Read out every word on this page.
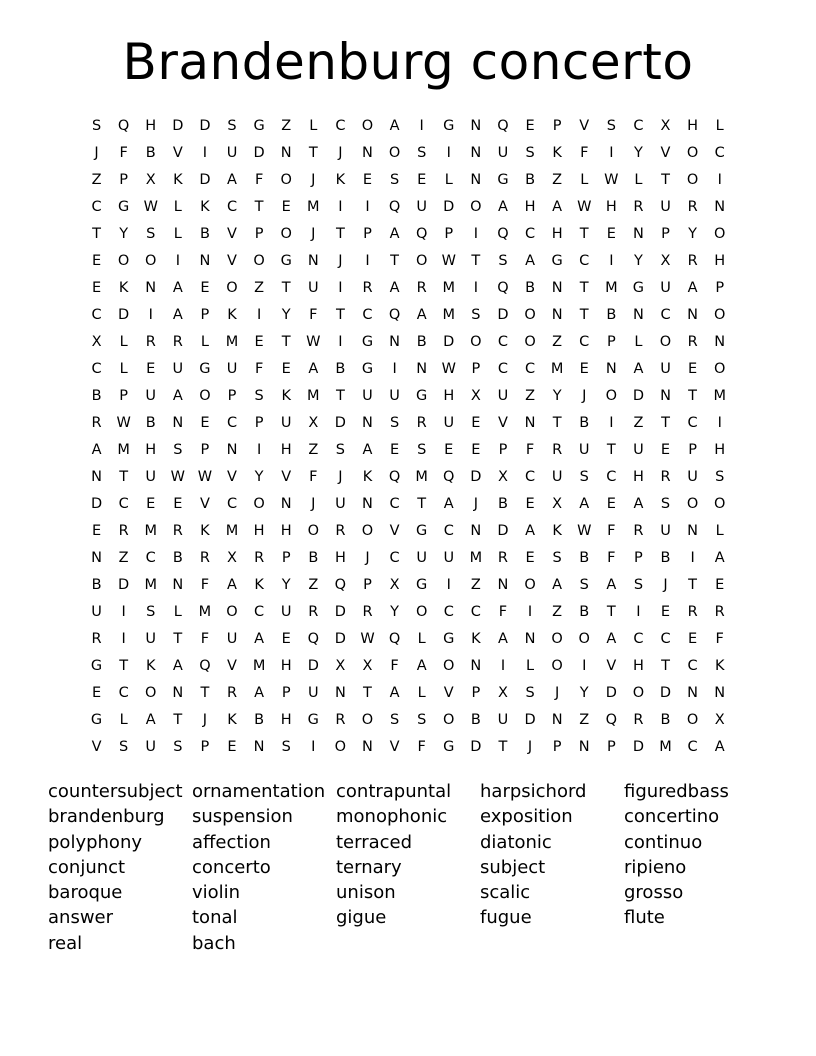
Brandenburg concerto
S	Q	H	D	D	S	G	Z	L	C	O	A	I	G	N	Q	E	P	V	S	C	X	H	L
J	F	B	V	I	U	D	N	T	J	N	O	S	I	N	U	S	K	F	I	Y	V	O	C
Z	P	X	K	D	A	F	O	J	K	E	S	E	L	N	G	B	Z	L	W	L	T	O	I
C	G W	L	K	C	T	E	M	I	I	Q	U	D	O	A	H	A	W H	R	U	R	N
T	Y	S	L	B	V	P	O	J	T	P	A	Q	P	I	Q	C	H	T	E	N	P	Y	O
E	O	O	I	N	V	O	G	N	J	I	T	O W	T	S	A	G	C	I	Y	X	R	H
E	K	N	A	E	O	Z	T	U	I	R	A	R	M	I	Q	B	N	T	M	G	U	A	P
C	D	I	A	P	K	I	Y	F	T	C	Q	A	M	S	D	O	N	T	B	N	C	N	O
X	L	R	R	L	M	E	T	W	I	G	N	B	D	O	C	O	Z	C	P	L	O	R	N
C	L	E	U	G	U	F	E	A	B	G	I	N	W	P	C	C	M	E	N	A	U	E	O
B	P	U	A	O	P	S	K	M	T	U	U	G	H	X	U	Z	Y	J	O	D	N	T	M
R	W	B	N	E	C	P	U	X	D	N	S	R	U	E	V	N	T	B	I	Z	T	C	I
A	M	H	S	P	N	I	H	Z	S	A	E	S	E	E	P	F	R	U	T	U	E	P	H
N	T	U	W W	V	Y	V	F	J	K	Q	M	Q	D	X	C	U	S	C	H	R	U	S
D	C	E	E	V	C	O	N	J	U	N	C	T	A	J	B	E	X	A	E	A	S	O	O
E	R	M	R	K	M	H	H	O	R	O	V	G	C	N	D	A	K	W	F	R	U	N	L
N	Z	C	B	R	X	R	P	B	H	J	C	U	U	M	R	E	S	B	F	P	B	I	A
B	D	M	N	F	A	K	Y	Z	Q	P	X	G	I	Z	N	O	A	S	A	S	J	T	E
U	I	S	L	M	O	C	U	R	D	R	Y	O	C	C	F	I	Z	B	T	I	E	R	R
R	I	U	T	F	U	A	E	Q	D W Q	L	G	K	A	N	O	O	A	C	C	E	F
G	T	K	A	Q	V	M	H	D	X	X	F	A	O	N	I	L	O	I	V	H	T	C	K
E	C	O	N	T	R	A	P	U	N	T	A	L	V	P	X	S	J	Y	D	O	D	N	N
G	L	A	T	J	K	B	H	G	R	O	S	S	O	B	U	D	N	Z	Q	R	B	O	X
V	S	U	S	P	E	N	S	I	O	N	V	F	G	D	T	J	P	N	P	D	M	C	A
countersubject ornamentation contrapuntal	harpsichord	figuredbass
brandenburg	suspension	monophonic	exposition	concertino
polyphony	affection	terraced	diatonic	continuo
conjunct	concerto	ternary	subject	ripieno
baroque	violin	unison	scalic	grosso
answer	tonal	gigue	fugue	flute
real	bach
